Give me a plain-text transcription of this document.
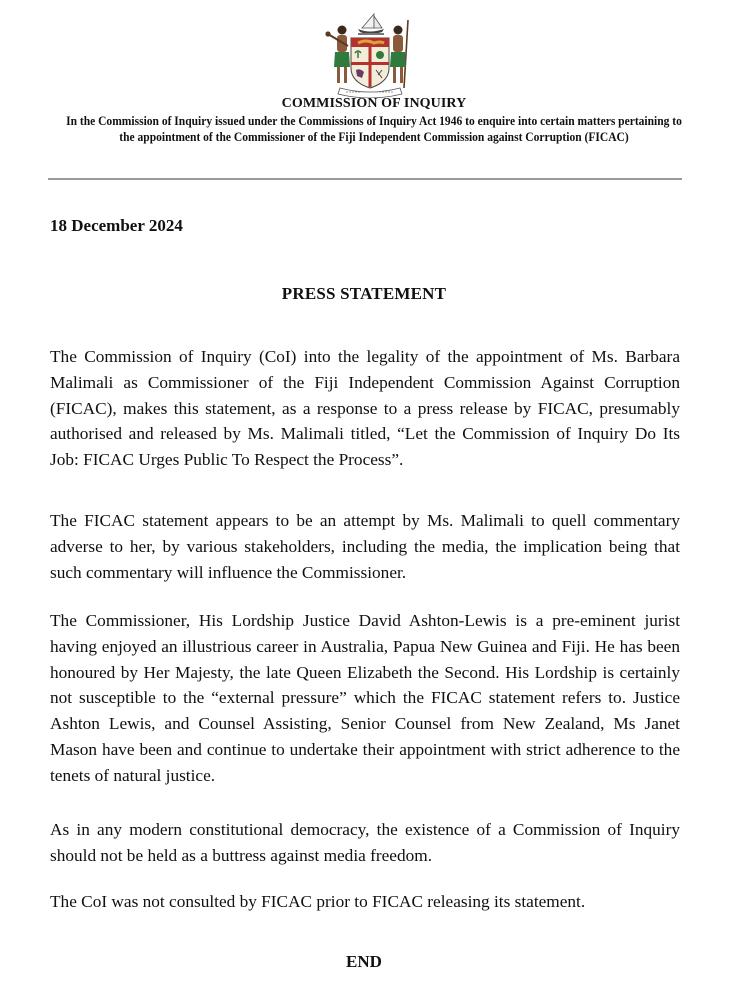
COMMISSION OF INQUIRY
In the Commission of Inquiry issued under the Commissions of Inquiry Act 1946 to enquire into certain matters pertaining to the appointment of the Commissioner of the Fiji Independent Commission against Corruption (FICAC)
18 December 2024
PRESS STATEMENT

The Commission of Inquiry (CoI) into the legality of the appointment of Ms. Barbara Malimali as Commissioner of the Fiji Independent Commission Against Corruption (FICAC), makes this statement, as a response to a press release by FICAC, presumably authorised and released by Ms. Malimali titled, “Let the Commission of Inquiry Do Its Job: FICAC Urges Public To Respect the Process”.

The FICAC statement appears to be an attempt by Ms. Malimali to quell commentary adverse to her, by various stakeholders, including the media, the implication being that such commentary will influence the Commissioner.

The Commissioner, His Lordship Justice David Ashton-Lewis is a pre-eminent jurist having enjoyed an illustrious career in Australia, Papua New Guinea and Fiji. He has been honoured by Her Majesty, the late Queen Elizabeth the Second. His Lordship is certainly not susceptible to the “external pressure” which the FICAC statement refers to. Justice Ashton Lewis, and Counsel Assisting, Senior Counsel from New Zealand, Ms Janet Mason have been and continue to undertake their appointment with strict adherence to the tenets of natural justice.

As in any modern constitutional democracy, the existence of a Commission of Inquiry should not be held as a buttress against media freedom.

The CoI was not consulted by FICAC prior to FICAC releasing its statement.

END
